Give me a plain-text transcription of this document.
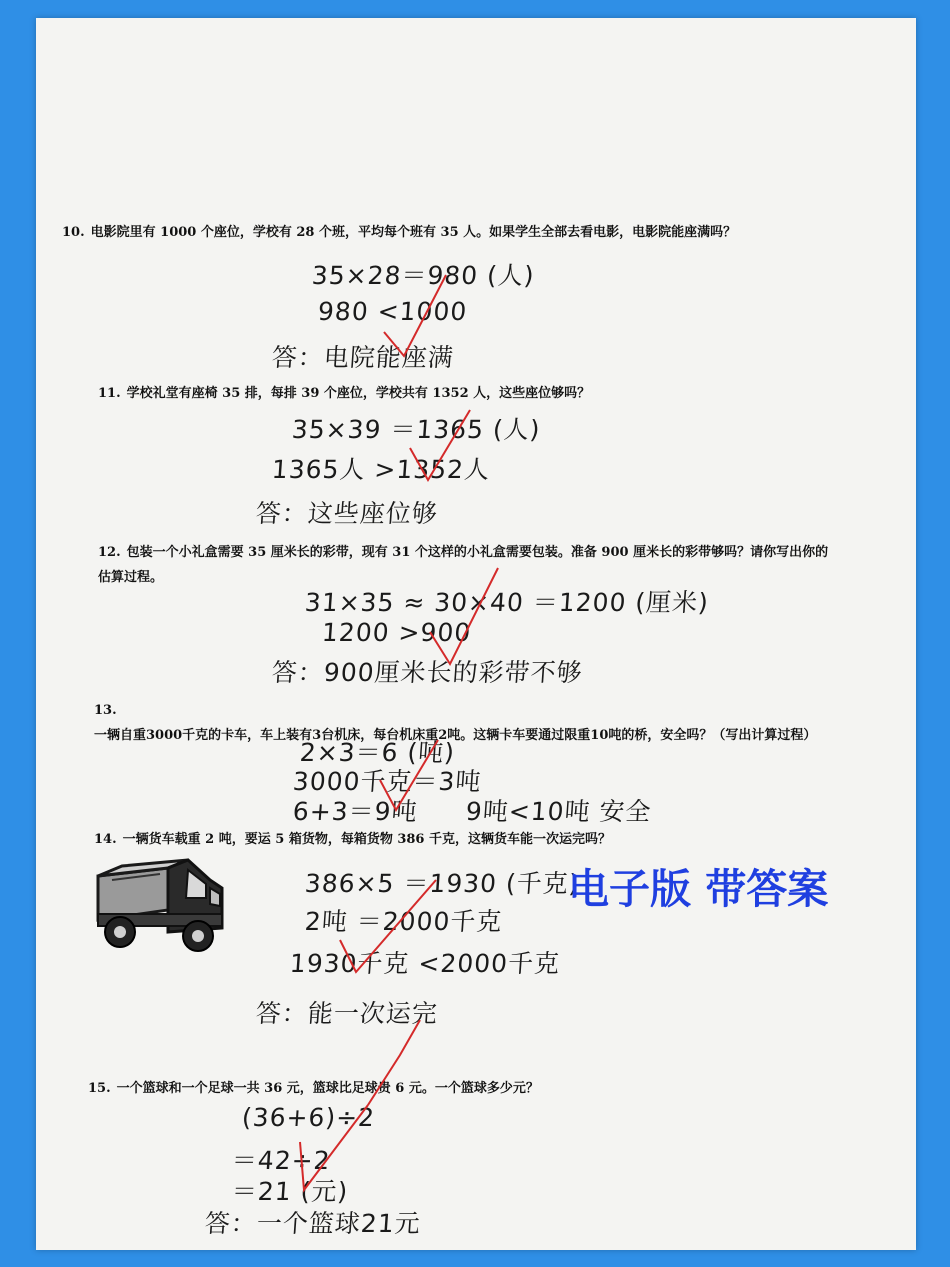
10. 电影院里有 1000 个座位，学校有 28 个班，平均每个班有 35 人。如果学生全部去看电影，电影院能座满吗？
35×28＝980 (人)
980 <1000
答：电院能座满
11. 学校礼堂有座椅 35 排，每排 39 个座位，学校共有 1352 人，这些座位够吗？
35×39 ＝1365 (人)
1365人 >1352人
答：这些座位够
12. 包装一个小礼盒需要 35 厘米长的彩带，现有 31 个这样的小礼盒需要包装。准备 900 厘米长的彩带够吗？请你写出你的估算过程。
31×35 ≈ 30×40 ＝1200 (厘米)
1200 >900
答：900厘米长的彩带不够
13.一辆自重3000千克的卡车，车上装有3台机床，每台机床重2吨。这辆卡车要通过限重10吨的桥，安全吗？（写出计算过程）
2×3＝6 (吨)
3000千克＝3吨
6+3＝9吨 9吨<10吨 安全
14. 一辆货车载重 2 吨，要运 5 箱货物，每箱货物 386 千克，这辆货车能一次运完吗？
386×5 ＝1930 (千克)
2吨 ＝2000千克
1930千克 <2000千克
答：能一次运完
电子版 带答案
15. 一个篮球和一个足球一共 36 元，篮球比足球贵 6 元。一个篮球多少元？
(36+6)÷2
＝42÷2
＝21 (元)
答：一个篮球21元
